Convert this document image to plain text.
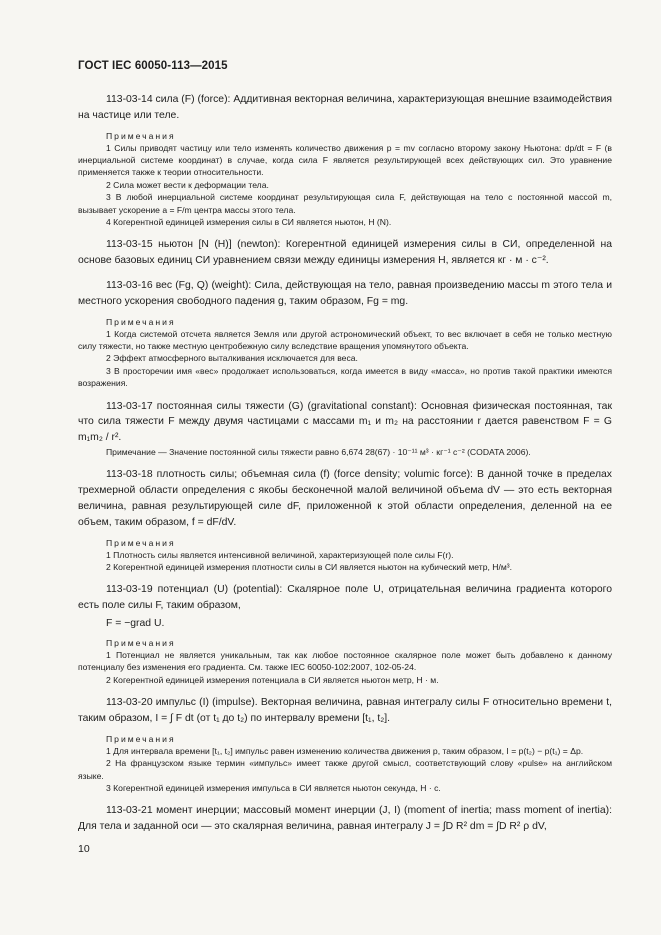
ГОСТ IEC 60050-113—2015

113-03-14 сила (F) (force): Аддитивная векторная величина, характеризующая внешние взаимодействия на частице или теле.

Примечания

1 Силы приводят частицу или тело изменять количество движения p = mv согласно второму закону Ньютона: dp/dt = F (в инерциальной системе координат) в случае, когда сила F является результирующей всех действующих сил. Это уравнение применяется также к теории относительности.

2 Сила может вести к деформации тела.

3 В любой инерциальной системе координат результирующая сила F, действующая на тело с постоянной массой m, вызывает ускорение a = F/m центра массы этого тела.

4 Когерентной единицей измерения силы в СИ является ньютон, Н (N).

113-03-15 ньютон [N (H)] (newton): Когерентной единицей измерения силы в СИ, определенной на основе базовых единиц СИ уравнением связи между единицы измерения Н, является кг · м · с⁻².

113-03-16 вес (Fg, Q) (weight): Сила, действующая на тело, равная произведению массы m этого тела и местного ускорения свободного падения g, таким образом, Fg = mg.

Примечания

1 Когда системой отсчета является Земля или другой астрономический объект, то вес включает в себя не только местную силу тяжести, но также местную центробежную силу вследствие вращения упомянутого объекта.

2 Эффект атмосферного выталкивания исключается для веса.

3 В просторечии имя «вес» продолжает использоваться, когда имеется в виду «масса», но против такой практики имеются возражения.

113-03-17 постоянная силы тяжести (G) (gravitational constant): Основная физическая постоянная, так что сила тяжести F между двумя частицами с массами m₁ и m₂ на расстоянии r дается равенством F = G m₁m₂ / r².

Примечание — Значение постоянной силы тяжести равно 6,674 28(67) · 10⁻¹¹ м³ · кг⁻¹ с⁻² (CODATA 2006).

113-03-18 плотность силы; объемная сила (f) (force density; volumic force): В данной точке в пределах трехмерной области определения с якобы бесконечной малой величиной объема dV — это есть векторная величина, равная результирующей силе dF, приложенной к этой области определения, деленной на ее объем, таким образом, f = dF/dV.

Примечания

1 Плотность силы является интенсивной величиной, характеризующей поле силы F(r).

2 Когерентной единицей измерения плотности силы в СИ является ньютон на кубический метр, Н/м³.

113-03-19 потенциал (U) (potential): Скалярное поле U, отрицательная величина градиента которого есть поле силы F, таким образом,

F = −grad U.

Примечания

1 Потенциал не является уникальным, так как любое постоянное скалярное поле может быть добавлено к данному потенциалу без изменения его градиента. См. также IEC 60050-102:2007, 102-05-24.

2 Когерентной единицей измерения потенциала в СИ является ньютон метр, Н · м.

113-03-20 импульс (I) (impulse). Векторная величина, равная интегралу силы F относительно времени t, таким образом, I = ∫ F dt (от t₁ до t₂) по интервалу времени [t₁, t₂].

Примечания

1 Для интервала времени [t₁, t₂] импульс равен изменению количества движения p, таким образом, I = p(t₂) − p(t₁) = Δp.

2 На французском языке термин «импульс» имеет также другой смысл, соответствующий слову «pulse» на английском языке.

3 Когерентной единицей измерения импульса в СИ является ньютон секунда, Н · с.

113-03-21 момент инерции; массовый момент инерции (J, I) (moment of inertia; mass moment of inertia): Для тела и заданной оси — это скалярная величина, равная интегралу J = ∫D R² dm = ∫D R² ρ dV,

10
